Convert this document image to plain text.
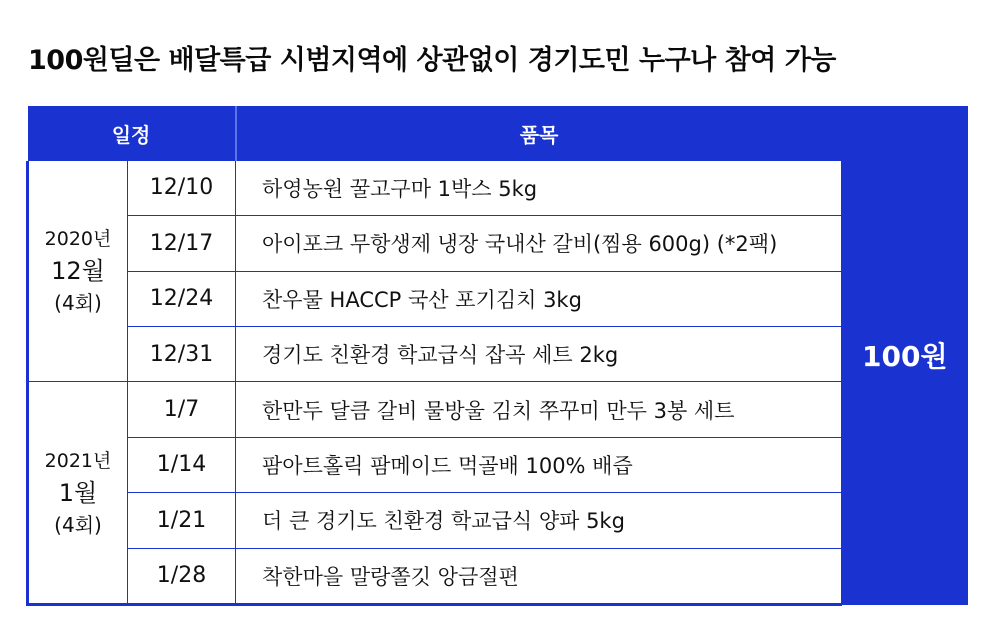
100원딜은 배달특급 시범지역에 상관없이 경기도민 누구나 참여 가능
일정		품목	100원

2020년
12월
(4회)	12/10	하영농원 꿀고구마 1박스 5kg	
	12/17	아이포크 무항생제 냉장 국내산 갈비(찜용 600g) (*2팩)	
	12/24	찬우물 HACCP 국산 포기김치 3kg	
	12/31	경기도 친환경 학교급식 잡곡 세트 2kg	

2021년
1월
(4회)	1/7	한만두 달큼 갈비 물방울 김치 쭈꾸미 만두 3봉 세트	
	1/14	팜아트홀릭 팜메이드 먹골배 100% 배즙	
	1/21	더 큰 경기도 친환경 학교급식 양파 5kg	
	1/28	착한마을 말랑쫄깃 앙금절편	
